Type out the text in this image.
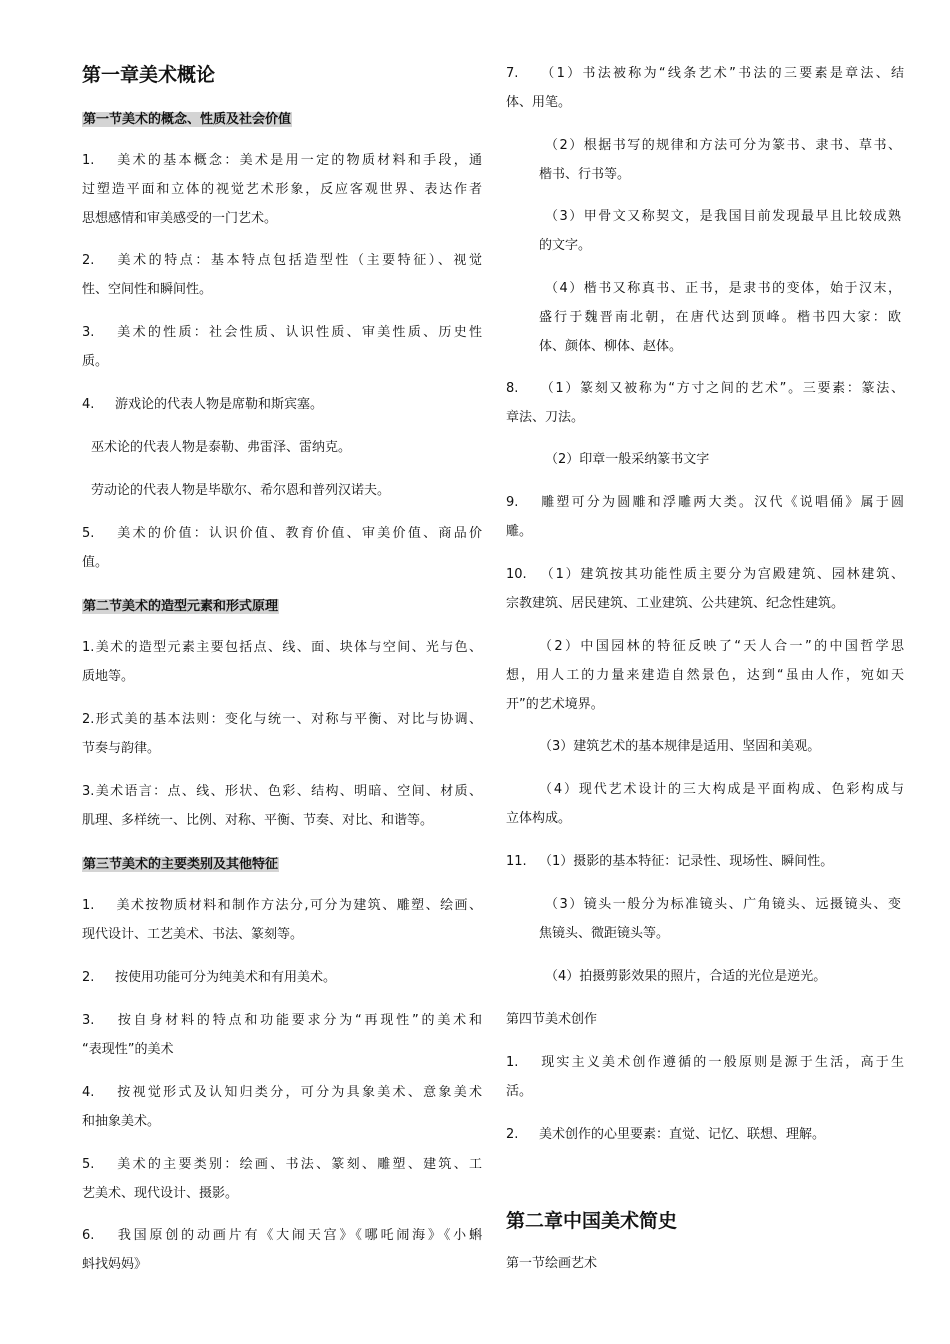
第一章美术概论
第一节美术的概念、性质及社会价值

1. 美术的基本概念：美术是用一定的物质材料和手段，通
过塑造平面和立体的视觉艺术形象，反应客观世界、表达作者
思想感情和审美感受的一门艺术。

2. 美术的特点：基本特点包括造型性（主要特征）、视觉
性、空间性和瞬间性。

3. 美术的性质：社会性质、认识性质、审美性质、历史性
质。

4. 游戏论的代表人物是席勒和斯宾塞。

巫术论的代表人物是泰勒、弗雷泽、雷纳克。

劳动论的代表人物是毕歇尔、希尔恩和普列汉诺夫。

5. 美术的价值：认识价值、教育价值、审美价值、商品价
值。

第二节美术的造型元素和形式原理

1.美术的造型元素主要包括点、线、面、块体与空间、光与色、
质地等。

2.形式美的基本法则：变化与统一、对称与平衡、对比与协调、
节奏与韵律。

3.美术语言：点、线、形状、色彩、结构、明暗、空间、材质、
肌理、多样统一、比例、对称、平衡、节奏、对比、和谐等。

第三节美术的主要类别及其他特征

1. 美术按物质材料和制作方法分,可分为建筑、雕塑、绘画、
现代设计、工艺美术、书法、篆刻等。

2. 按使用功能可分为纯美术和有用美术。

3. 按自身材料的特点和功能要求分为“再现性”的美术和
“表现性”的美术

4. 按视觉形式及认知归类分，可分为具象美术、意象美术
和抽象美术。

5. 美术的主要类别：绘画、书法、篆刻、雕塑、建筑、工
艺美术、现代设计、摄影。

6. 我国原创的动画片有《大闹天宫》《哪吒闹海》《小蝌
蚪找妈妈》

7. （1）书法被称为“线条艺术”书法的三要素是章法、结
体、用笔。

（2）根据书写的规律和方法可分为篆书、隶书、草书、
楷书、行书等。

（3）甲骨文又称契文，是我国目前发现最早且比较成熟
的文字。

（4）楷书又称真书、正书，是隶书的变体，始于汉末，
盛行于魏晋南北朝，在唐代达到顶峰。楷书四大家：欧
体、颜体、柳体、赵体。

8. （1）篆刻又被称为“方寸之间的艺术”。三要素：篆法、
章法、刀法。

（2）印章一般采纳篆书文字

9. 雕塑可分为圆雕和浮雕两大类。汉代《说唱俑》属于圆
雕。

10. （1）建筑按其功能性质主要分为宫殿建筑、园林建筑、
宗教建筑、居民建筑、工业建筑、公共建筑、纪念性建筑。

（2）中国园林的特征反映了“天人合一”的中国哲学思
想，用人工的力量来建造自然景色，达到“虽由人作，宛如天
开”的艺术境界。

（3）建筑艺术的基本规律是适用、坚固和美观。

（4）现代艺术设计的三大构成是平面构成、色彩构成与
立体构成。

11. （1）摄影的基本特征：记录性、现场性、瞬间性。

（3）镜头一般分为标准镜头、广角镜头、远摄镜头、变
焦镜头、微距镜头等。

（4）拍摄剪影效果的照片，合适的光位是逆光。

第四节美术创作

1. 现实主义美术创作遵循的一般原则是源于生活，高于生
活。

2. 美术创作的心里要素：直觉、记忆、联想、理解。

第二章中国美术简史
第一节绘画艺术
